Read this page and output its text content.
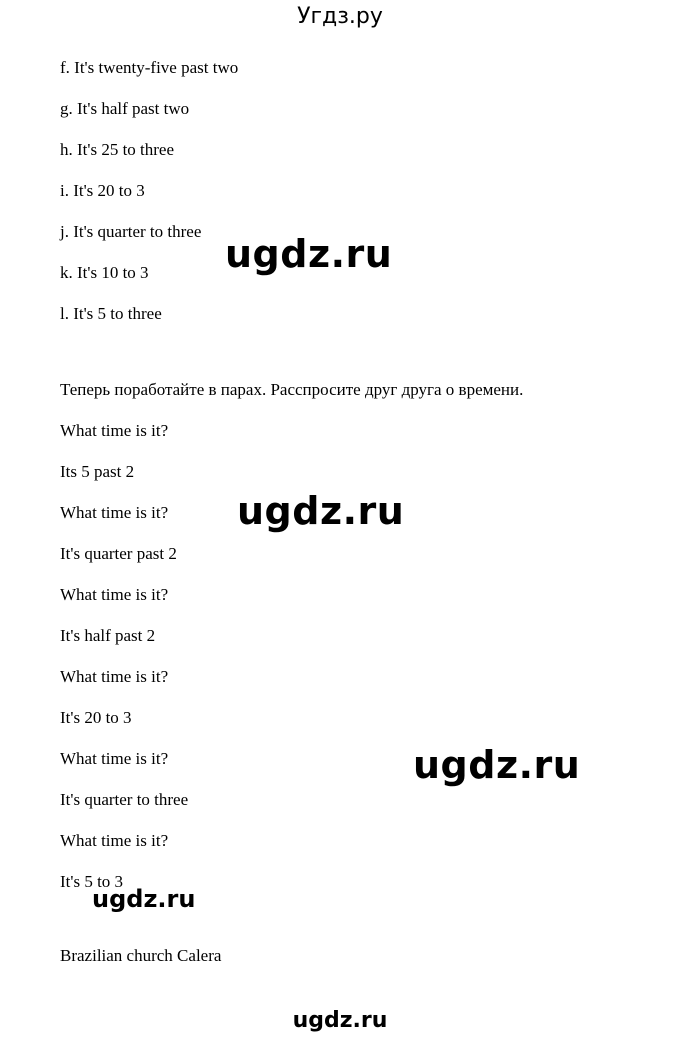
Угдз.ру
f. It's twenty-five past two
g. It's half past two
h. It's 25 to three
i. It's 20 to 3
j. It's quarter to three
k. It's 10 to 3
l. It's 5 to three
Теперь поработайте в парах. Расспросите друг друга о времени.
What time is it?
Its 5 past 2
What time is it?
It's quarter past 2
What time is it?
It's half past 2
What time is it?
It's 20 to 3
What time is it?
It's quarter to three
What time is it?
It's 5 to 3
Brazilian church Calera
ugdz.ru
ugdz.ru
ugdz.ru
ugdz.ru
ugdz.ru
